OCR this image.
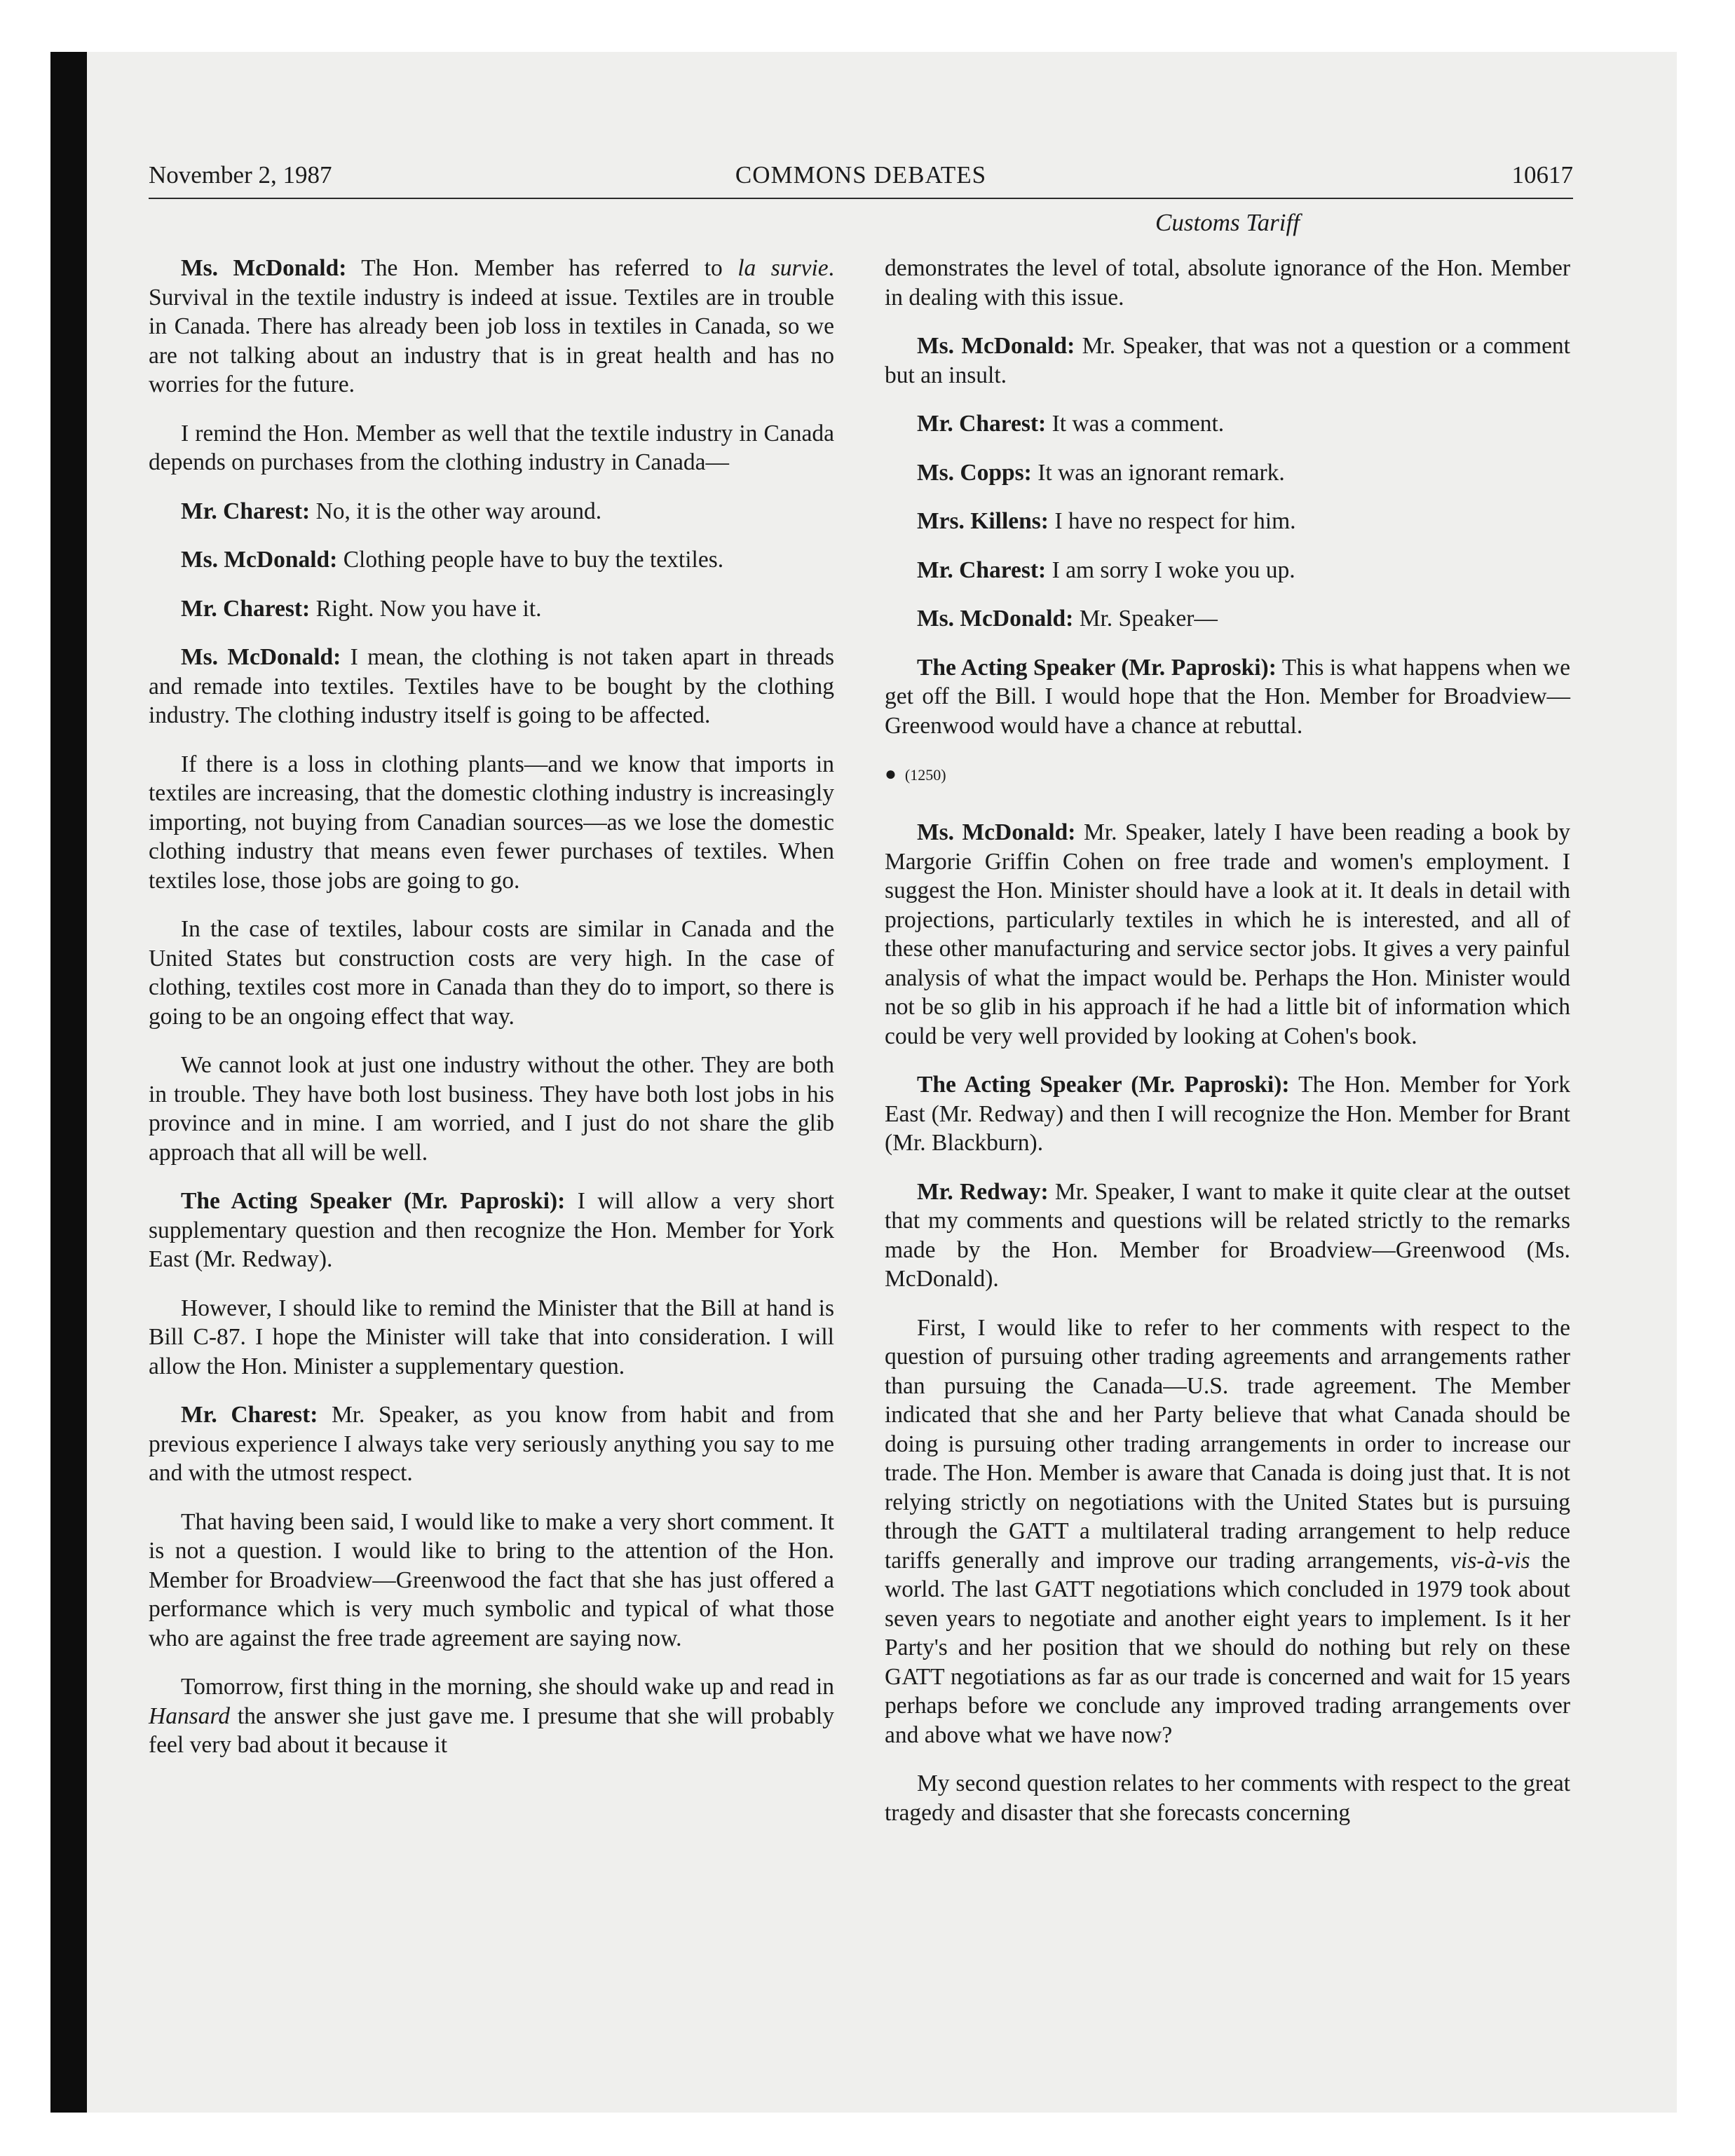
November 2, 1987	COMMONS DEBATES	10617
Customs Tariff

Ms. McDonald: The Hon. Member has referred to la survie. Survival in the textile industry is indeed at issue. Textiles are in trouble in Canada. There has already been job loss in textiles in Canada, so we are not talking about an industry that is in great health and has no worries for the future.

I remind the Hon. Member as well that the textile industry in Canada depends on purchases from the clothing industry in Canada—

Mr. Charest: No, it is the other way around.

Ms. McDonald: Clothing people have to buy the textiles.

Mr. Charest: Right. Now you have it.

Ms. McDonald: I mean, the clothing is not taken apart in threads and remade into textiles. Textiles have to be bought by the clothing industry. The clothing industry itself is going to be affected.

If there is a loss in clothing plants—and we know that imports in textiles are increasing, that the domestic clothing industry is increasingly importing, not buying from Canadian sources—as we lose the domestic clothing industry that means even fewer purchases of textiles. When textiles lose, those jobs are going to go.

In the case of textiles, labour costs are similar in Canada and the United States but construction costs are very high. In the case of clothing, textiles cost more in Canada than they do to import, so there is going to be an ongoing effect that way.

We cannot look at just one industry without the other. They are both in trouble. They have both lost business. They have both lost jobs in his province and in mine. I am worried, and I just do not share the glib approach that all will be well.

The Acting Speaker (Mr. Paproski): I will allow a very short supplementary question and then recognize the Hon. Member for York East (Mr. Redway).

However, I should like to remind the Minister that the Bill at hand is Bill C-87. I hope the Minister will take that into consideration. I will allow the Hon. Minister a supplementary question.

Mr. Charest: Mr. Speaker, as you know from habit and from previous experience I always take very seriously anything you say to me and with the utmost respect.

That having been said, I would like to make a very short comment. It is not a question. I would like to bring to the attention of the Hon. Member for Broadview—Greenwood the fact that she has just offered a performance which is very much symbolic and typical of what those who are against the free trade agreement are saying now.

Tomorrow, first thing in the morning, she should wake up and read in Hansard the answer she just gave me. I presume that she will probably feel very bad about it because it

demonstrates the level of total, absolute ignorance of the Hon. Member in dealing with this issue.

Ms. McDonald: Mr. Speaker, that was not a question or a comment but an insult.

Mr. Charest: It was a comment.

Ms. Copps: It was an ignorant remark.

Mrs. Killens: I have no respect for him.

Mr. Charest: I am sorry I woke you up.

Ms. McDonald: Mr. Speaker—

The Acting Speaker (Mr. Paproski): This is what happens when we get off the Bill. I would hope that the Hon. Member for Broadview—Greenwood would have a chance at rebuttal.

● (1250)

Ms. McDonald: Mr. Speaker, lately I have been reading a book by Margorie Griffin Cohen on free trade and women's employment. I suggest the Hon. Minister should have a look at it. It deals in detail with projections, particularly textiles in which he is interested, and all of these other manufacturing and service sector jobs. It gives a very painful analysis of what the impact would be. Perhaps the Hon. Minister would not be so glib in his approach if he had a little bit of information which could be very well provided by looking at Cohen's book.

The Acting Speaker (Mr. Paproski): The Hon. Member for York East (Mr. Redway) and then I will recognize the Hon. Member for Brant (Mr. Blackburn).

Mr. Redway: Mr. Speaker, I want to make it quite clear at the outset that my comments and questions will be related strictly to the remarks made by the Hon. Member for Broadview—Greenwood (Ms. McDonald).

First, I would like to refer to her comments with respect to the question of pursuing other trading agreements and arrangements rather than pursuing the Canada—U.S. trade agreement. The Member indicated that she and her Party believe that what Canada should be doing is pursuing other trading arrangements in order to increase our trade. The Hon. Member is aware that Canada is doing just that. It is not relying strictly on negotiations with the United States but is pursuing through the GATT a multilateral trading arrangement to help reduce tariffs generally and improve our trading arrangements, vis-à-vis the world. The last GATT negotiations which concluded in 1979 took about seven years to negotiate and another eight years to implement. Is it her Party's and her position that we should do nothing but rely on these GATT negotiations as far as our trade is concerned and wait for 15 years perhaps before we conclude any improved trading arrangements over and above what we have now?

My second question relates to her comments with respect to the great tragedy and disaster that she forecasts concerning
